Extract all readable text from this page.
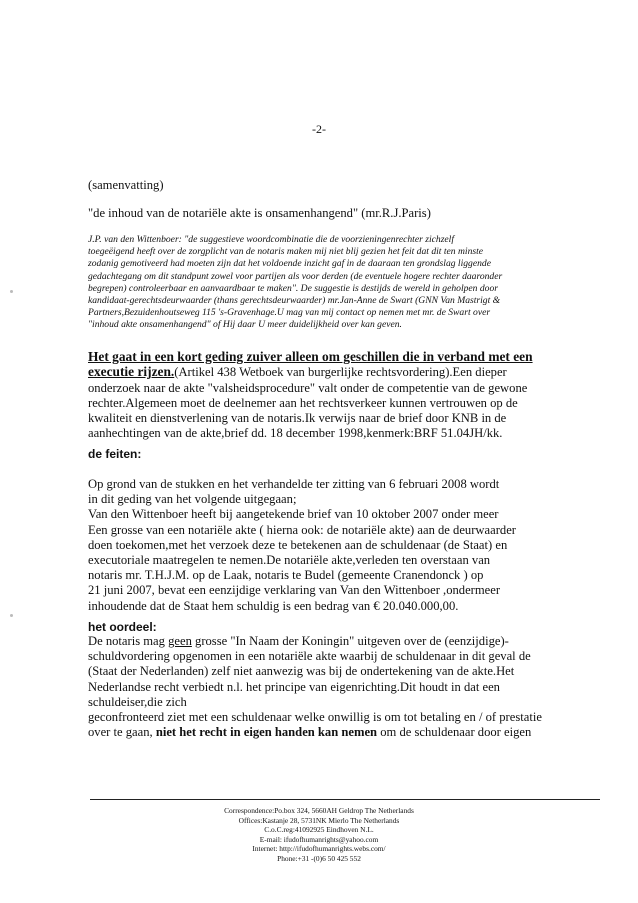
-2-
(samenvatting)
"de inhoud van de notariële akte is onsamenhangend" (mr.R.J.Paris)
J.P. van den Wittenboer: "de suggestieve woordcombinatie die de voorzieningenrechter zichzelf
toegeëigend heeft over de zorgplicht van de notaris maken mij niet blij gezien het feit dat dit ten minste
zodanig gemotiveerd had moeten zijn dat het voldoende inzicht gaf in de daaraan ten grondslag liggende
gedachtegang om dit standpunt zowel voor partijen als voor derden (de eventuele hogere rechter daaronder
begrepen) controleerbaar en aanvaardbaar te maken". De suggestie is destijds de wereld in geholpen door
kandidaat-gerechtsdeurwaarder (thans gerechtsdeurwaarder) mr.Jan-Anne de Swart (GNN Van Mastrigt &
Partners,Bezuidenhoutseweg 115 's-Gravenhage.U mag van mij contact op nemen met mr. de Swart over
"inhoud akte onsamenhangend" of Hij daar U meer duidelijkheid over kan geven.
Het gaat in een kort geding zuiver alleen om geschillen die in verband met een
executie rijzen.(Artikel 438 Wetboek van burgerlijke rechtsvordering).Een dieper
onderzoek naar de akte "valsheidsprocedure" valt onder de competentie van de gewone
rechter.Algemeen moet de deelnemer aan het rechtsverkeer kunnen vertrouwen op de
kwaliteit en dienstverlening van de notaris.Ik verwijs naar de brief door KNB in de
aanhechtingen van de akte,brief dd. 18 december 1998,kenmerk:BRF 51.04JH/kk.
de feiten:
Op grond van de stukken en het verhandelde ter zitting van 6 februari 2008 wordt
in dit geding van het volgende uitgegaan;
Van den Wittenboer heeft bij aangetekende brief van 10 oktober 2007 onder meer
Een grosse van een notariële akte ( hierna ook: de notariële akte) aan de deurwaarder
doen toekomen,met het verzoek deze te betekenen aan de schuldenaar (de Staat) en
executoriale maatregelen te nemen.De notariële akte,verleden ten overstaan van
notaris mr. T.H.J.M. op de Laak, notaris te Budel (gemeente Cranendonck ) op
21 juni 2007, bevat een eenzijdige verklaring van Van den Wittenboer ,ondermeer
inhoudende dat de Staat hem schuldig is een bedrag van € 20.040.000,00.
het oordeel:
De notaris mag geen grosse "In Naam der Koningin" uitgeven over de (eenzijdige)-
schuldvordering opgenomen in een notariële akte waarbij de schuldenaar in dit geval de
(Staat der Nederlanden) zelf niet aanwezig was bij de ondertekening van de akte.Het
Nederlandse recht verbiedt n.l. het principe van eigenrichting.Dit houdt in dat een
schuldeiser,die zich
geconfronteerd ziet met een schuldenaar welke onwillig is om tot betaling en / of prestatie
over te gaan, niet het recht in eigen handen kan nemen om de schuldenaar door eigen
Correspondence:Po.box 324, 5660AH Geldrop The Netherlands
Offices:Kastanje 28, 5731NK Mierlo The Netherlands
C.o.C.reg:41092925 Eindhoven N.L.
E-mail: ifudofhumanrights@yahoo.com
Internet: http://ifudofhumanrights.webs.com/
Phone:+31 -(0)6 50 425 552
